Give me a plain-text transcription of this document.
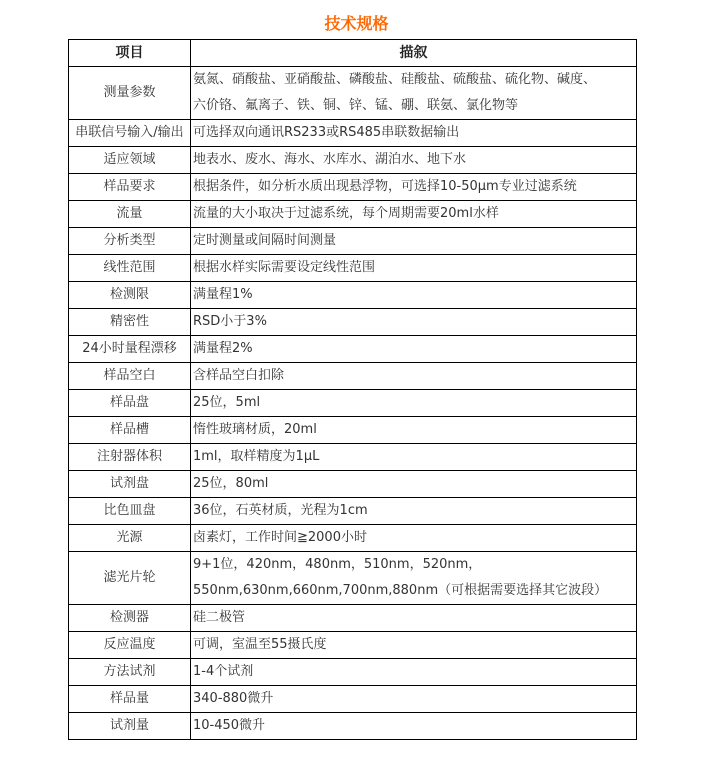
技术规格
项目	描叙
测量参数	氨氮、硝酸盐、亚硝酸盐、磷酸盐、硅酸盐、硫酸盐、硫化物、碱度、
六价铬、氟离子、铁、铜、锌、锰、硼、联氨、氯化物等

串联信号输入/输出	可选择双向通讯RS233或RS485串联数据输出

适应领域	地表水、废水、海水、水库水、湖泊水、地下水

样品要求	根据条件，如分析水质出现悬浮物，可选择10-50μm专业过滤系统

流量	流量的大小取决于过滤系统，每个周期需要20ml水样

分析类型	定时测量或间隔时间测量

线性范围	根据水样实际需要设定线性范围

检测限	满量程1%

精密性	RSD小于3%

24小时量程漂移	满量程2%

样品空白	含样品空白扣除

样品盘	25位，5ml

样品槽	惰性玻璃材质，20ml

注射器体积	1ml，取样精度为1μL

试剂盘	25位，80ml

比色皿盘	36位，石英材质，光程为1cm

光源	卤素灯，工作时间≧2000小时

滤光片轮	9+1位，420nm，480nm，510nm，520nm，
550nm,630nm,660nm,700nm,880nm（可根据需要选择其它波段）

检测器	硅二极管

反应温度	可调，室温至55摄氏度

方法试剂	1-4个试剂

样品量	340-880微升

试剂量	10-450微升
